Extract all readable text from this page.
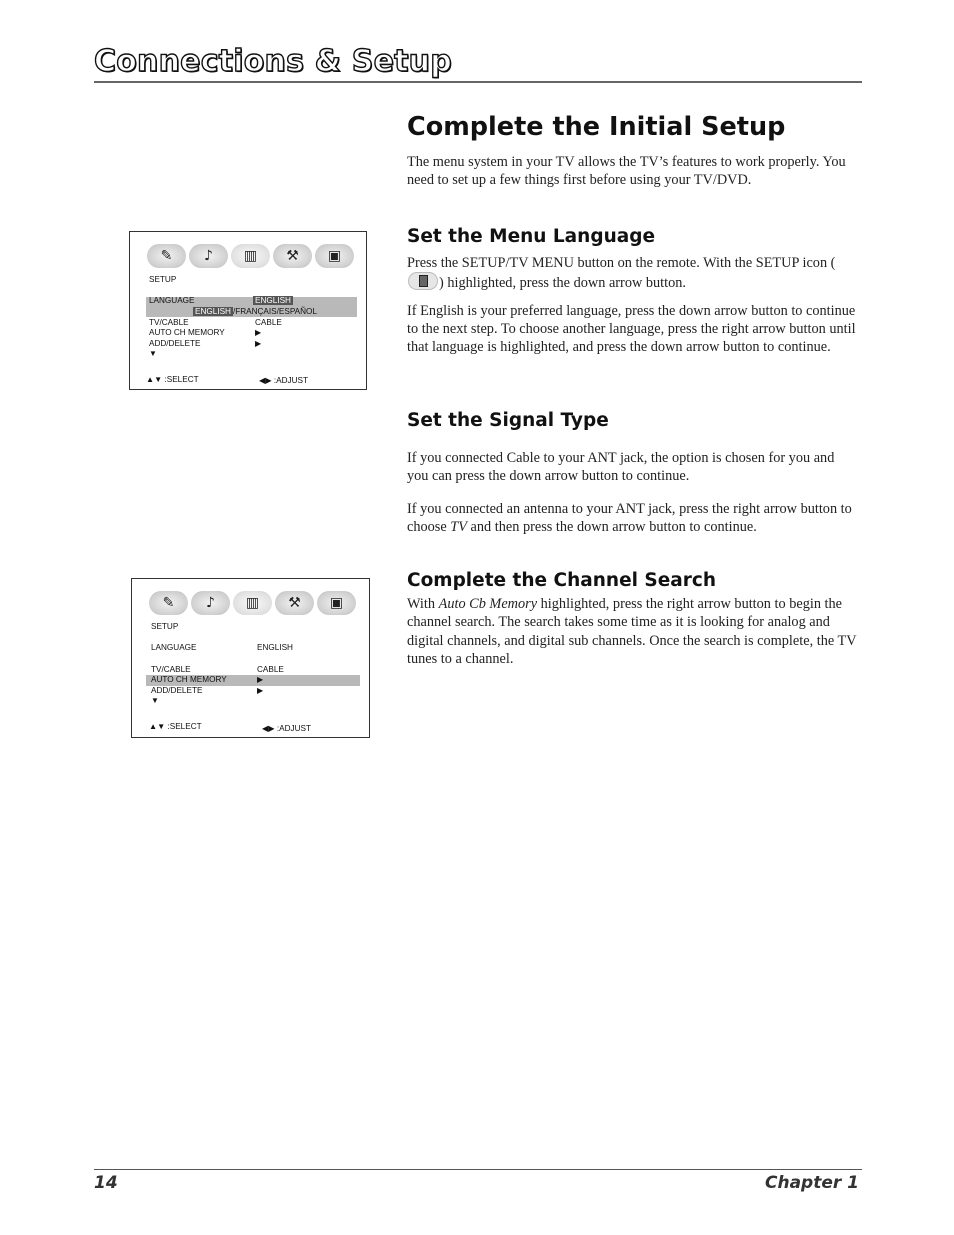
Connections & Setup
✎	♪	▥	⚒	▣
SETUP
LANGUAGE	ENGLISH
ENGLISH /FRANÇAIS/ESPAÑOL
TV/CABLE	CABLE
AUTO CH MEMORY	▶
ADD/DELETE	▶
▼
▲▼ :SELECT	◀▶ :ADJUST
✎	♪	▥	⚒	▣
SETUP
LANGUAGE	ENGLISH
TV/CABLE	CABLE
AUTO CH MEMORY	▶
ADD/DELETE	▶
▼
▲▼ :SELECT	◀▶ :ADJUST
Complete the Initial Setup

The menu system in your TV allows the TV’s features to work properly. You need to set up a few things first before using your TV/DVD.

Set the Menu Language

Press the SETUP/TV MENU button on the remote. With the SETUP icon () highlighted, press the down arrow button.

If English is your preferred language, press the down arrow button to continue to the next step. To choose another language, press the right arrow button until that language is highlighted, and press the down arrow button to continue.

Set the Signal Type

If you connected Cable to your ANT jack, the option is chosen for you and you can press the down arrow button to continue.

If you connected an antenna to your ANT jack, press the right arrow button to choose TV and then press the down arrow button to continue.

Complete the Channel Search

With Auto Cb Memory highlighted, press the right arrow button to begin the channel search. The search takes some time as it is looking for analog and digital channels, and digital sub channels. Once the search is complete, the TV tunes to a channel.

14	Chapter 1
